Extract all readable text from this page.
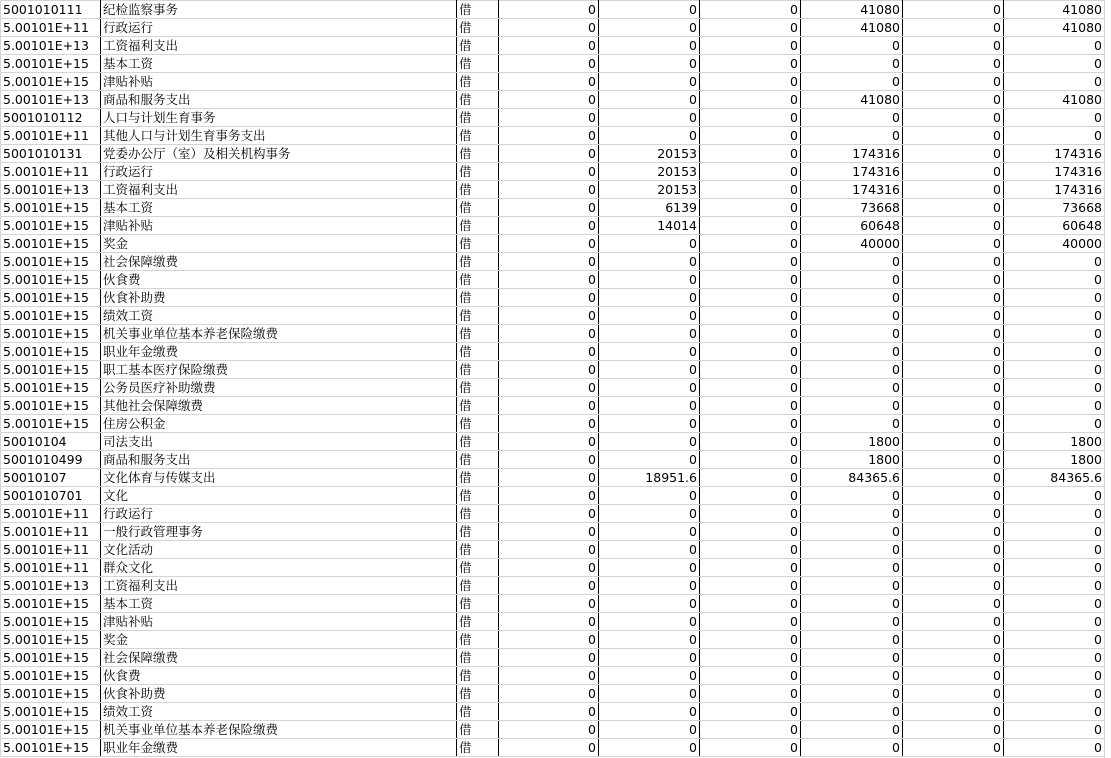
5001010111	纪检监察事务	借	0	0	0	41080	0	41080
5.00101E+11	行政运行	借	0	0	0	41080	0	41080
5.00101E+13	工资福利支出	借	0	0	0	0	0	0
5.00101E+15	基本工资	借	0	0	0	0	0	0
5.00101E+15	津贴补贴	借	0	0	0	0	0	0
5.00101E+13	商品和服务支出	借	0	0	0	41080	0	41080
5001010112	人口与计划生育事务	借	0	0	0	0	0	0
5.00101E+11	其他人口与计划生育事务支出	借	0	0	0	0	0	0
5001010131	党委办公厅（室）及相关机构事务	借	0	20153	0	174316	0	174316
5.00101E+11	行政运行	借	0	20153	0	174316	0	174316
5.00101E+13	工资福利支出	借	0	20153	0	174316	0	174316
5.00101E+15	基本工资	借	0	6139	0	73668	0	73668
5.00101E+15	津贴补贴	借	0	14014	0	60648	0	60648
5.00101E+15	奖金	借	0	0	0	40000	0	40000
5.00101E+15	社会保障缴费	借	0	0	0	0	0	0
5.00101E+15	伙食费	借	0	0	0	0	0	0
5.00101E+15	伙食补助费	借	0	0	0	0	0	0
5.00101E+15	绩效工资	借	0	0	0	0	0	0
5.00101E+15	机关事业单位基本养老保险缴费	借	0	0	0	0	0	0
5.00101E+15	职业年金缴费	借	0	0	0	0	0	0
5.00101E+15	职工基本医疗保险缴费	借	0	0	0	0	0	0
5.00101E+15	公务员医疗补助缴费	借	0	0	0	0	0	0
5.00101E+15	其他社会保障缴费	借	0	0	0	0	0	0
5.00101E+15	住房公积金	借	0	0	0	0	0	0
50010104	司法支出	借	0	0	0	1800	0	1800
5001010499	商品和服务支出	借	0	0	0	1800	0	1800
50010107	文化体育与传媒支出	借	0	18951.6	0	84365.6	0	84365.6
5001010701	文化	借	0	0	0	0	0	0
5.00101E+11	行政运行	借	0	0	0	0	0	0
5.00101E+11	一般行政管理事务	借	0	0	0	0	0	0
5.00101E+11	文化活动	借	0	0	0	0	0	0
5.00101E+11	群众文化	借	0	0	0	0	0	0
5.00101E+13	工资福利支出	借	0	0	0	0	0	0
5.00101E+15	基本工资	借	0	0	0	0	0	0
5.00101E+15	津贴补贴	借	0	0	0	0	0	0
5.00101E+15	奖金	借	0	0	0	0	0	0
5.00101E+15	社会保障缴费	借	0	0	0	0	0	0
5.00101E+15	伙食费	借	0	0	0	0	0	0
5.00101E+15	伙食补助费	借	0	0	0	0	0	0
5.00101E+15	绩效工资	借	0	0	0	0	0	0
5.00101E+15	机关事业单位基本养老保险缴费	借	0	0	0	0	0	0
5.00101E+15	职业年金缴费	借	0	0	0	0	0	0
